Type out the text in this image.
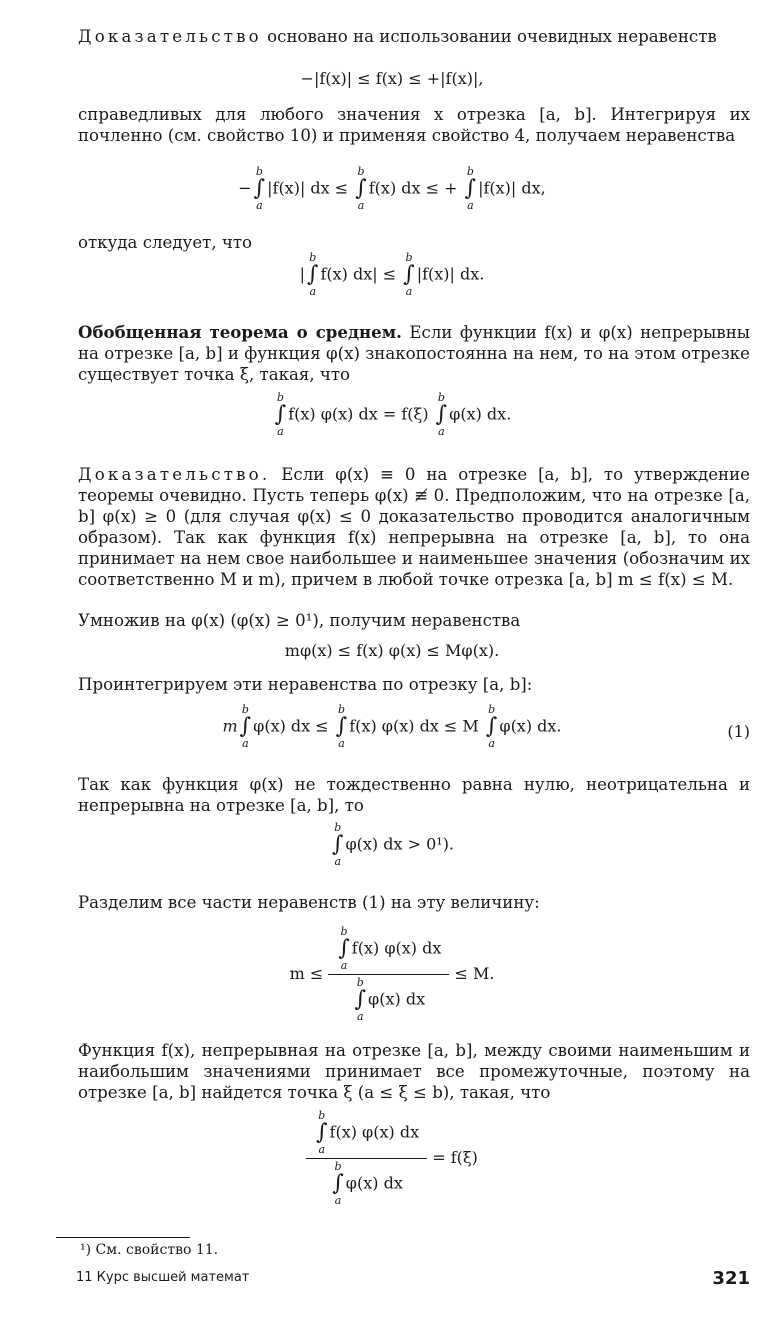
Доказательство основано на использовании очевидных неравенств

−|f(x)| ≤ f(x) ≤ +|f(x)|,
справедливых для любого значения x отрезка [a, b]. Интегрируя их почленно (см. свойство 10) и применяя свойство 4, получаем неравенства
−
b
∫
a
|f(x)| dx ≤
b
∫
a
f(x) dx ≤ +
b
∫
a
|f(x)| dx,
откуда следует, что
|
b
∫
a
f(x) dx| ≤
b
∫
a
|f(x)| dx.

Обобщенная теорема о среднем. Если функции f(x) и φ(x) непрерывны на отрезке [a, b] и функция φ(x) знакопостоянна на нем, то на этом отрезке существует точка ξ, такая, что

b
∫
a
f(x) φ(x) dx = f(ξ)
b
∫
a
φ(x) dx.

Доказательство. Если φ(x) ≡ 0 на отрезке [a, b], то утверждение теоремы очевидно. Пусть теперь φ(x) ≢ 0. Предположим, что на отрезке [a, b] φ(x) ≥ 0 (для случая φ(x) ≤ 0 доказательство проводится аналогичным образом). Так как функция f(x) непрерывна на отрезке [a, b], то она принимает на нем свое наибольшее и наименьшее значения (обозначим их соответственно M и m), причем в любой точке отрезка [a, b] m ≤ f(x) ≤ M.

Умножив на φ(x) (φ(x) ≥ 0¹), получим неравенства
mφ(x) ≤ f(x) φ(x) ≤ Mφ(x).
Проинтегрируем эти неравенства по отрезку [a, b]:
m
b
∫
a
φ(x) dx ≤
b
∫
a
f(x) φ(x) dx ≤ M
b
∫
a
φ(x) dx.	(1)
Так как функция φ(x) не тождественно равна нулю, неотрицательна и непрерывна на отрезке [a, b], то
b
∫
a
φ(x) dx > 0¹).
Разделим все части неравенств (1) на эту величину:
m ≤ b
∫
a
f(x) φ(x) dx
b
∫
a
φ(x) dx ≤ M.
Функция f(x), непрерывная на отрезке [a, b], между своими наименьшим и наибольшим значениями принимает все промежуточные, поэтому на отрезке [a, b] найдется точка ξ (a ≤ ξ ≤ b), такая, что
b
∫
a
f(x) φ(x) dx
b
∫
a
φ(x) dx = f(ξ)
¹) См. свойство 11.
11 Курс высшей математ	321
